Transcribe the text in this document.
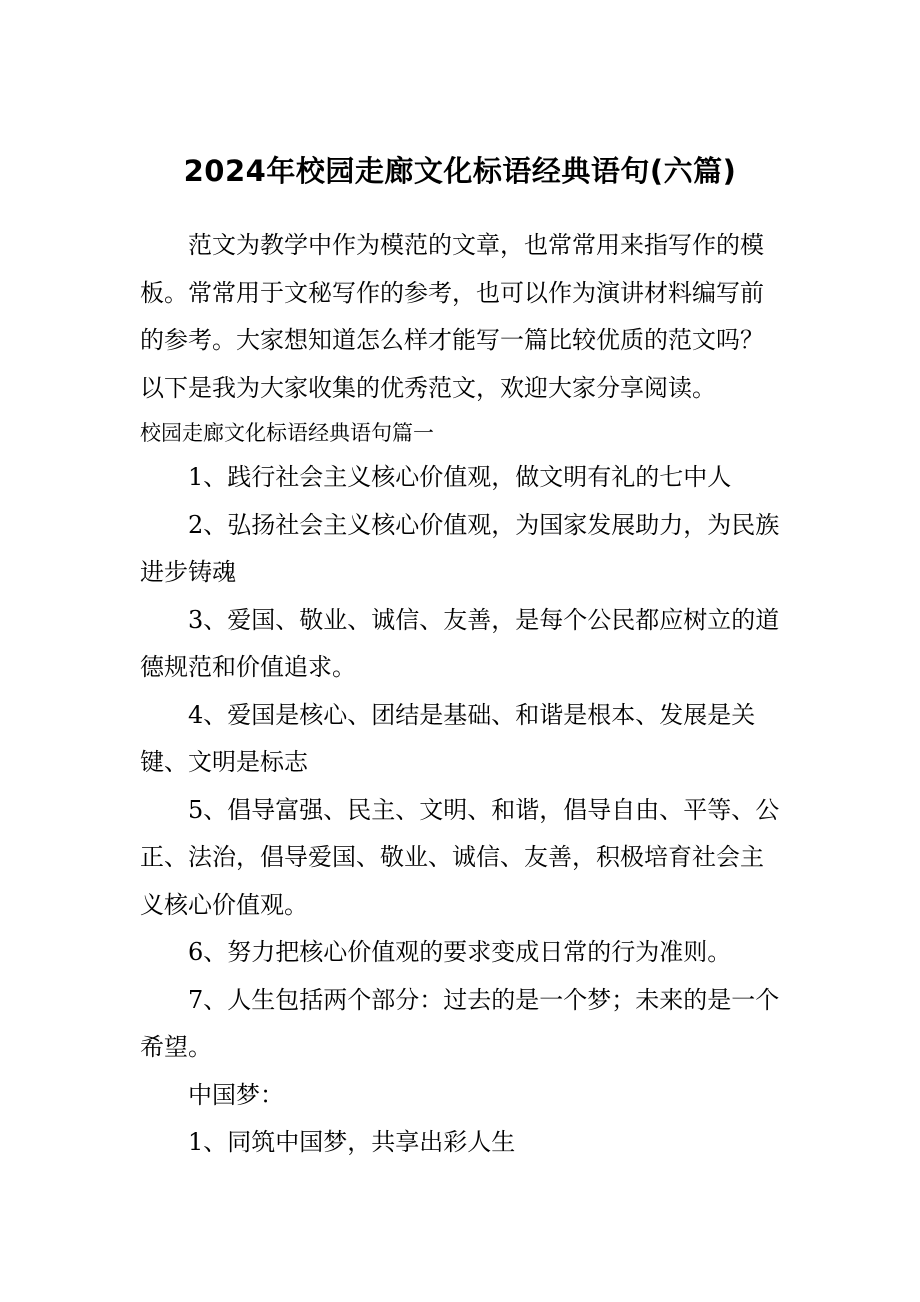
2024年校园走廊文化标语经典语句(六篇)

范文为教学中作为模范的文章，也常常用来指写作的模板。常常用于文秘写作的参考，也可以作为演讲材料编写前的参考。大家想知道怎么样才能写一篇比较优质的范文吗？以下是我为大家收集的优秀范文，欢迎大家分享阅读。

校园走廊文化标语经典语句篇一

1、践行社会主义核心价值观，做文明有礼的七中人

2、弘扬社会主义核心价值观，为国家发展助力，为民族进步铸魂

3、爱国、敬业、诚信、友善，是每个公民都应树立的道德规范和价值追求。

4、爱国是核心、团结是基础、和谐是根本、发展是关键、文明是标志

5、倡导富强、民主、文明、和谐，倡导自由、平等、公正、法治，倡导爱国、敬业、诚信、友善，积极培育社会主义核心价值观。

6、努力把核心价值观的要求变成日常的行为准则。

7、人生包括两个部分：过去的是一个梦；未来的是一个希望。

中国梦：

1、同筑中国梦，共享出彩人生
